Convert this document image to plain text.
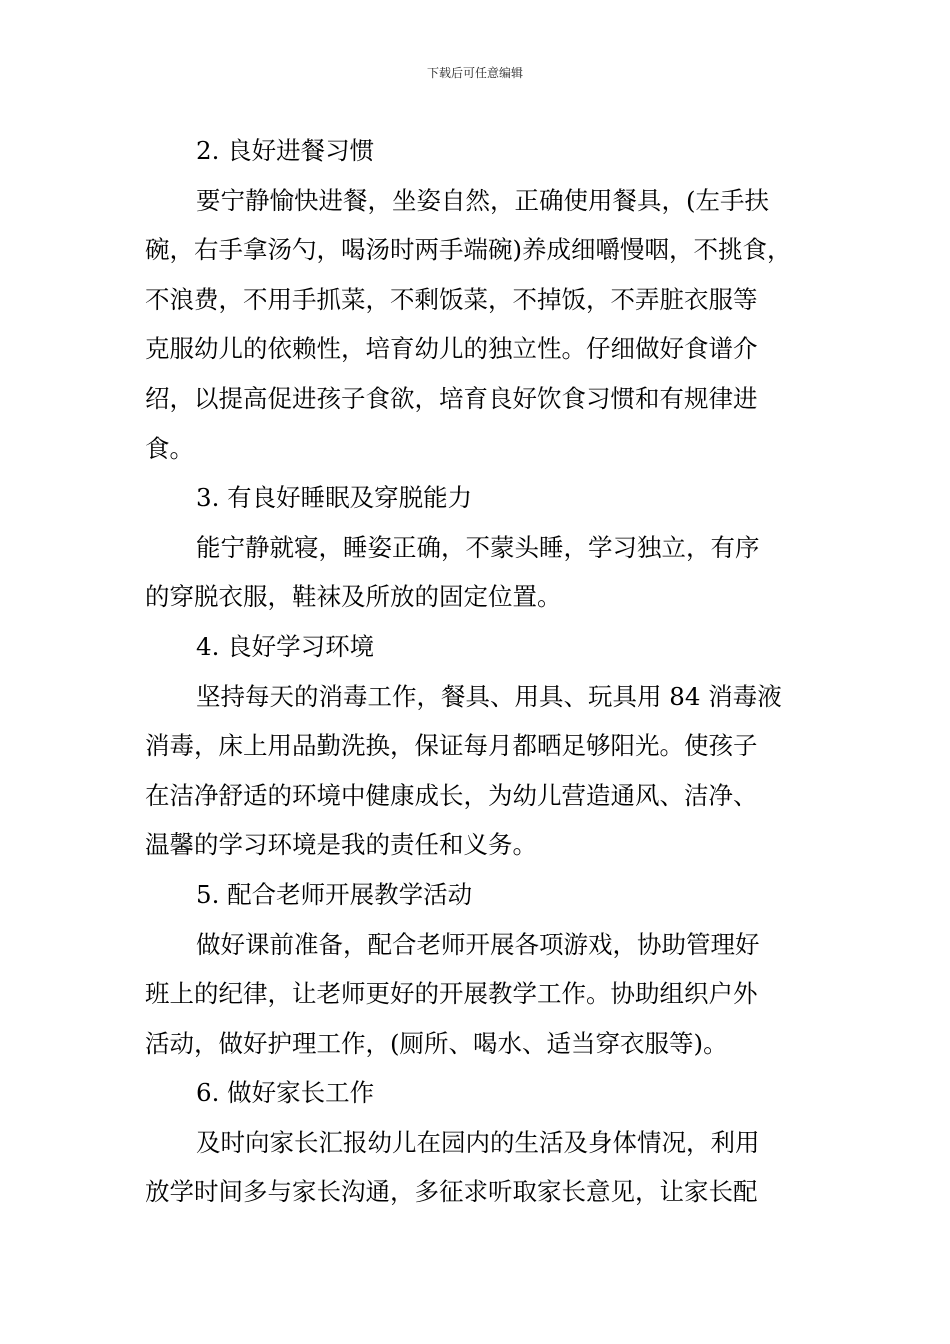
下载后可任意编辑
2. 良好进餐习惯
要宁静愉快进餐，坐姿自然，正确使用餐具，(左手扶
碗，右手拿汤勺，喝汤时两手端碗)养成细嚼慢咽，不挑食，
不浪费，不用手抓菜，不剩饭菜，不掉饭，不弄脏衣服等
克服幼儿的依赖性，培育幼儿的独立性。仔细做好食谱介
绍，以提高促进孩子食欲，培育良好饮食习惯和有规律进
食。
3. 有良好睡眠及穿脱能力
能宁静就寝，睡姿正确，不蒙头睡，学习独立，有序
的穿脱衣服，鞋袜及所放的固定位置。
4. 良好学习环境
坚持每天的消毒工作，餐具、用具、玩具用 84 消毒液
消毒，床上用品勤洗换，保证每月都晒足够阳光。使孩子
在洁净舒适的环境中健康成长，为幼儿营造通风、洁净、
温馨的学习环境是我的责任和义务。
5. 配合老师开展教学活动
做好课前准备，配合老师开展各项游戏，协助管理好
班上的纪律，让老师更好的开展教学工作。协助组织户外
活动，做好护理工作，(厕所、喝水、适当穿衣服等)。
6. 做好家长工作
及时向家长汇报幼儿在园内的生活及身体情况，利用
放学时间多与家长沟通，多征求听取家长意见，让家长配
